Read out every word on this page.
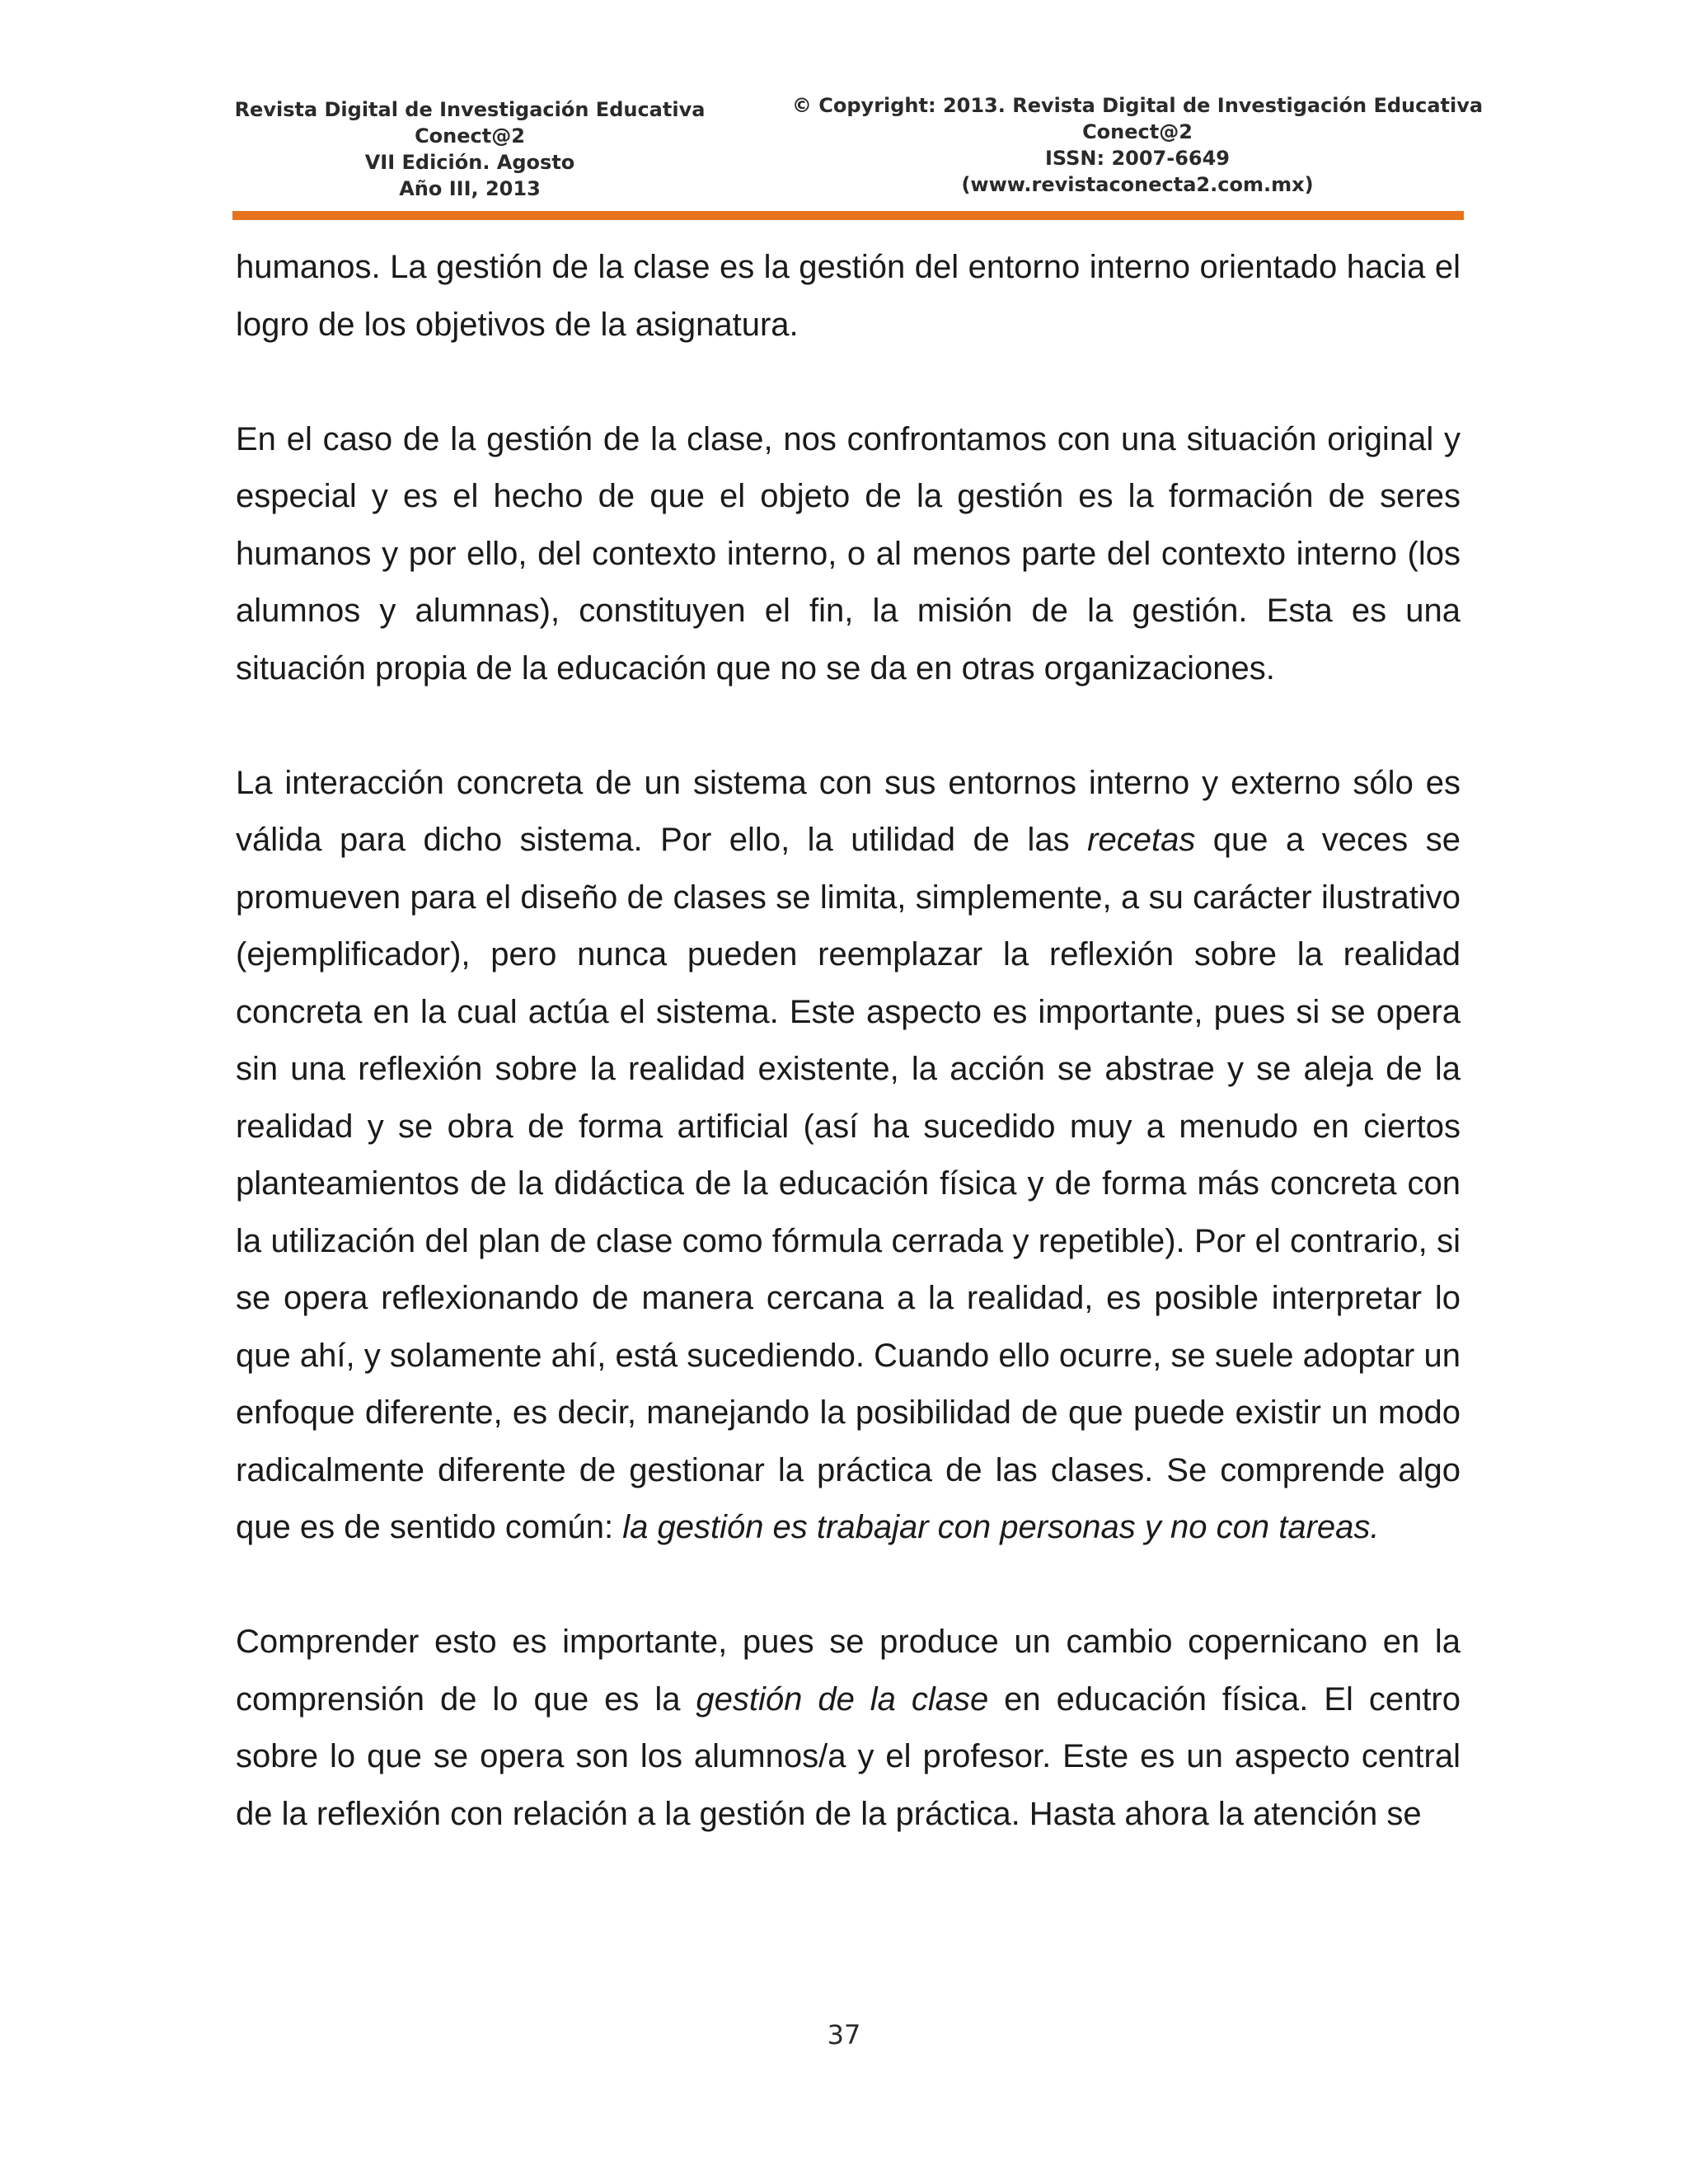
Revista Digital de Investigación Educativa
Conect@2
VII Edición. Agosto
Año III, 2013
© Copyright: 2013. Revista Digital de Investigación Educativa
Conect@2
ISSN: 2007-6649
(www.revistaconecta2.com.mx)

humanos. La gestión de la clase es la gestión del entorno interno orientado hacia el logro de los objetivos de la asignatura.

En el caso de la gestión de la clase, nos confrontamos con una situación original y especial y es el hecho de que el objeto de la gestión es la formación de seres humanos y por ello, del contexto interno, o al menos parte del contexto interno (los alumnos y alumnas), constituyen el fin, la misión de la gestión. Esta es una situación propia de la educación que no se da en otras organizaciones.

La interacción concreta de un sistema con sus entornos interno y externo sólo es válida para dicho sistema. Por ello, la utilidad de las recetas que a veces se promueven para el diseño de clases se limita, simplemente, a su carácter ilustrativo (ejemplificador), pero nunca pueden reemplazar la reflexión sobre la realidad concreta en la cual actúa el sistema. Este aspecto es importante, pues si se opera sin una reflexión sobre la realidad existente, la acción se abstrae y se aleja de la realidad y se obra de forma artificial (así ha sucedido muy a menudo en ciertos planteamientos de la didáctica de la educación física y de forma más concreta con la utilización del plan de clase como fórmula cerrada y repetible). Por el contrario, si se opera reflexionando de manera cercana a la realidad, es posible interpretar lo que ahí, y solamente ahí, está sucediendo. Cuando ello ocurre, se suele adoptar un enfoque diferente, es decir, manejando la posibilidad de que puede existir un modo radicalmente diferente de gestionar la práctica de las clases. Se comprende algo que es de sentido común: la gestión es trabajar con personas y no con tareas.

Comprender esto es importante, pues se produce un cambio copernicano en la comprensión de lo que es la gestión de la clase en educación física. El centro sobre lo que se opera son los alumnos/a y el profesor. Este es un aspecto central de la reflexión con relación a la gestión de la práctica. Hasta ahora la atención se

37
